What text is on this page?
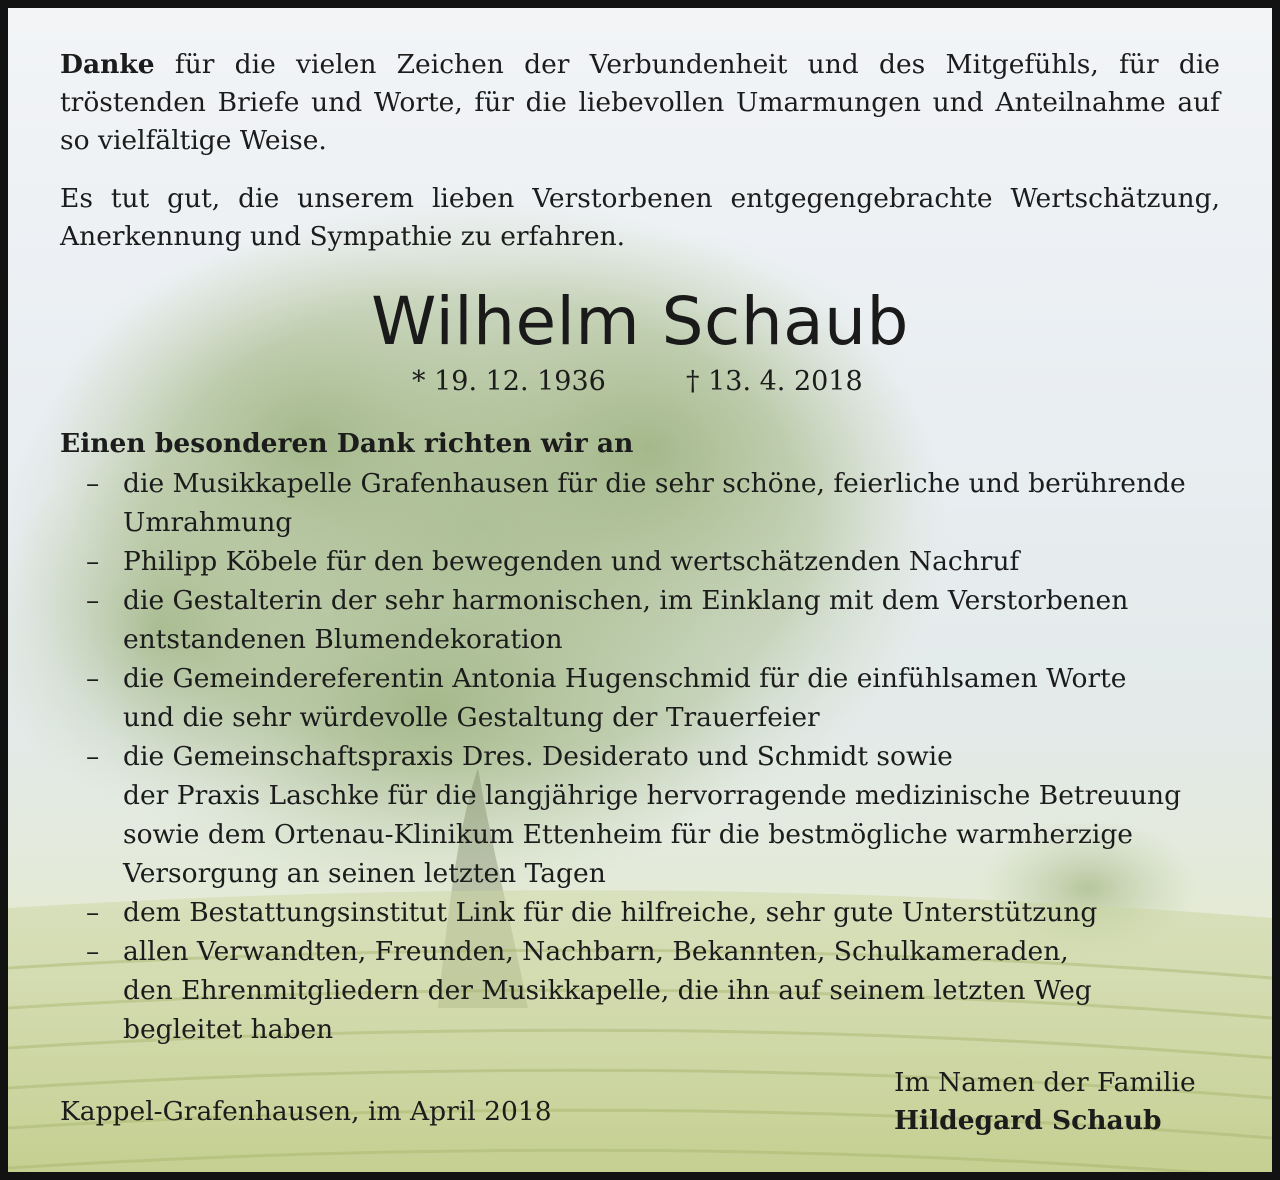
Danke für die vielen Zeichen der Verbundenheit und des Mitgefühls, für die tröstenden Briefe und Worte, für die liebevollen Umarmungen und Anteilnahme auf so vielfältige Weise.

Es tut gut, die unserem lieben Verstorbenen entgegengebrachte Wertschätzung, Anerkennung und Sympathie zu erfahren.

Wilhelm Schaub
* 19. 12. 1936	† 13. 4. 2018
Einen besonderen Dank richten wir an
– die Musikkapelle Grafenhausen für die sehr schöne, feierliche und berührende
Umrahmung
– Philipp Köbele für den bewegenden und wertschätzenden Nachruf
– die Gestalterin der sehr harmonischen, im Einklang mit dem Verstorbenen
entstandenen Blumendekoration
– die Gemeindereferentin Antonia Hugenschmid für die einfühlsamen Worte
und die sehr würdevolle Gestaltung der Trauerfeier
– die Gemeinschaftspraxis Dres. Desiderato und Schmidt sowie
der Praxis Laschke für die langjährige hervorragende medizinische Betreuung
sowie dem Ortenau-Klinikum Ettenheim für die bestmögliche warmherzige
Versorgung an seinen letzten Tagen
– dem Bestattungsinstitut Link für die hilfreiche, sehr gute Unterstützung
– allen Verwandten, Freunden, Nachbarn, Bekannten, Schulkameraden,
den Ehrenmitgliedern der Musikkapelle, die ihn auf seinem letzten Weg
begleitet haben
Kappel-Grafenhausen, im April 2018
Im Namen der Familie
Hildegard Schaub
